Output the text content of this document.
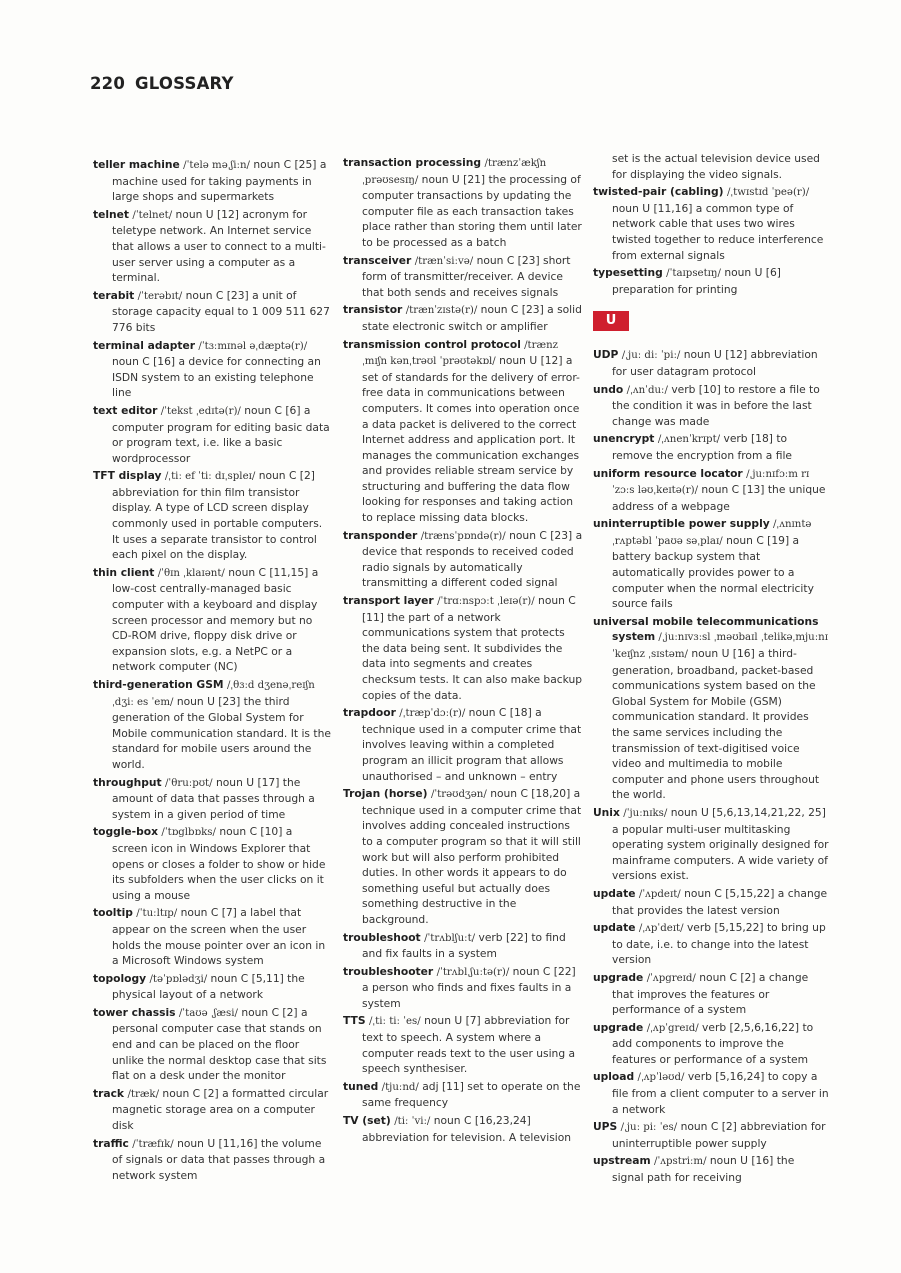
220 GLOSSARY
teller machine /ˈtelə məˌʃiːn/ noun C [25] a machine used for taking payments in large shops and supermarkets
telnet /ˈtelnet/ noun U [12] acronym for teletype network. An Internet service that allows a user to connect to a multi-user server using a computer as a terminal.
terabit /ˈterəbɪt/ noun C [23] a unit of storage capacity equal to 1 009 511 627 776 bits
terminal adapter /ˈtɜːmɪnəl əˌdæptə(r)/ noun C [16] a device for connecting an ISDN system to an existing telephone line
text editor /ˈtekst ˌedɪtə(r)/ noun C [6] a computer program for editing basic data or program text, i.e. like a basic wordprocessor
TFT display /ˌtiː ef ˈtiː dɪˌspleɪ/ noun C [2] abbreviation for thin film transistor display. A type of LCD screen display commonly used in portable computers. It uses a separate transistor to control each pixel on the display.
thin client /ˈθɪn ˌklaɪənt/ noun C [11,15] a low-cost centrally-managed basic computer with a keyboard and display screen processor and memory but no CD-ROM drive, floppy disk drive or expansion slots, e.g. a NetPC or a network computer (NC)
third-generation GSM /ˌθɜːd dʒenəˌreɪʃn ˌdʒiː es ˈem/ noun U [23] the third generation of the Global System for Mobile communication standard. It is the standard for mobile users around the world.
throughput /ˈθruːpʊt/ noun U [17] the amount of data that passes through a system in a given period of time
toggle-box /ˈtɒglbɒks/ noun C [10] a screen icon in Windows Explorer that opens or closes a folder to show or hide its subfolders when the user clicks on it using a mouse
tooltip /ˈtuːltɪp/ noun C [7] a label that appear on the screen when the user holds the mouse pointer over an icon in a Microsoft Windows system
topology /təˈpɒlədʒi/ noun C [5,11] the physical layout of a network
tower chassis /ˈtaʊə ˌʃæsi/ noun C [2] a personal computer case that stands on end and can be placed on the floor unlike the normal desktop case that sits flat on a desk under the monitor
track /træk/ noun C [2] a formatted circular magnetic storage area on a computer disk
traffic /ˈtræfɪk/ noun U [11,16] the volume of signals or data that passes through a network system
transaction processing /trænzˈækʃn ˌprəʊsesɪŋ/ noun U [21] the processing of computer transactions by updating the computer file as each transaction takes place rather than storing them until later to be processed as a batch
transceiver /trænˈsiːvə/ noun C [23] short form of transmitter/receiver. A device that both sends and receives signals
transistor /trænˈzɪstə(r)/ noun C [23] a solid state electronic switch or amplifier
transmission control protocol /trænzˌmɪʃn kənˌtrəʊl ˈprəʊtəkɒl/ noun U [12] a set of standards for the delivery of error-free data in communications between computers. It comes into operation once a data packet is delivered to the correct Internet address and application port. It manages the communication exchanges and provides reliable stream service by structuring and buffering the data flow looking for responses and taking action to replace missing data blocks.
transponder /trænsˈpɒndə(r)/ noun C [23] a device that responds to received coded radio signals by automatically transmitting a different coded signal
transport layer /ˈtrɑːnspɔːt ˌleɪə(r)/ noun C [11] the part of a network communications system that protects the data being sent. It subdivides the data into segments and creates checksum tests. It can also make backup copies of the data.
trapdoor /ˌtræpˈdɔː(r)/ noun C [18] a technique used in a computer crime that involves leaving within a completed program an illicit program that allows unauthorised – and unknown – entry
Trojan (horse) /ˈtrəʊdʒən/ noun C [18,20] a technique used in a computer crime that involves adding concealed instructions to a computer program so that it will still work but will also perform prohibited duties. In other words it appears to do something useful but actually does something destructive in the background.
troubleshoot /ˈtrʌblʃuːt/ verb [22] to find and fix faults in a system
troubleshooter /ˈtrʌblˌʃuːtə(r)/ noun C [22] a person who finds and fixes faults in a system
TTS /ˌtiː tiː ˈes/ noun U [7] abbreviation for text to speech. A system where a computer reads text to the user using a speech synthesiser.
tuned /tjuːnd/ adj [11] set to operate on the same frequency
TV (set) /tiː ˈviː/ noun C [16,23,24] abbreviation for television. A television
set is the actual television device used for displaying the video signals.
twisted-pair (cabling) /ˌtwɪstɪd ˈpeə(r)/ noun U [11,16] a common type of network cable that uses two wires twisted together to reduce interference from external signals
typesetting /ˈtaɪpsetɪŋ/ noun U [6] preparation for printing
U
UDP /ˌjuː diː ˈpiː/ noun U [12] abbreviation for user datagram protocol
undo /ˌʌnˈduː/ verb [10] to restore a file to the condition it was in before the last change was made
unencrypt /ˌʌnenˈkrɪpt/ verb [18] to remove the encryption from a file
uniform resource locator /ˌjuːnɪfɔːm rɪˈzɔːs ləʊˌkeɪtə(r)/ noun C [13] the unique address of a webpage
uninterruptible power supply /ˌʌnɪntəˌrʌptəbl ˈpaʊə səˌplaɪ/ noun C [19] a battery backup system that automatically provides power to a computer when the normal electricity source fails
universal mobile telecommunications system /ˌjuːnɪvɜːsl ˌməʊbaɪl ˌtelikəˌmjuːnɪˈkeɪʃnz ˌsɪstəm/ noun U [16] a third-generation, broadband, packet-based communications system based on the Global System for Mobile (GSM) communication standard. It provides the same services including the transmission of text-digitised voice video and multimedia to mobile computer and phone users throughout the world.
Unix /ˈjuːnɪks/ noun U [5,6,13,14,21,22, 25] a popular multi-user multitasking operating system originally designed for mainframe computers. A wide variety of versions exist.
update /ˈʌpdeɪt/ noun C [5,15,22] a change that provides the latest version
update /ˌʌpˈdeɪt/ verb [5,15,22] to bring up to date, i.e. to change into the latest version
upgrade /ˈʌpgreɪd/ noun C [2] a change that improves the features or performance of a system
upgrade /ˌʌpˈgreɪd/ verb [2,5,6,16,22] to add components to improve the features or performance of a system
upload /ˌʌpˈləʊd/ verb [5,16,24] to copy a file from a client computer to a server in a network
UPS /ˌjuː piː ˈes/ noun C [2] abbreviation for uninterruptible power supply
upstream /ˈʌpstriːm/ noun U [16] the signal path for receiving
